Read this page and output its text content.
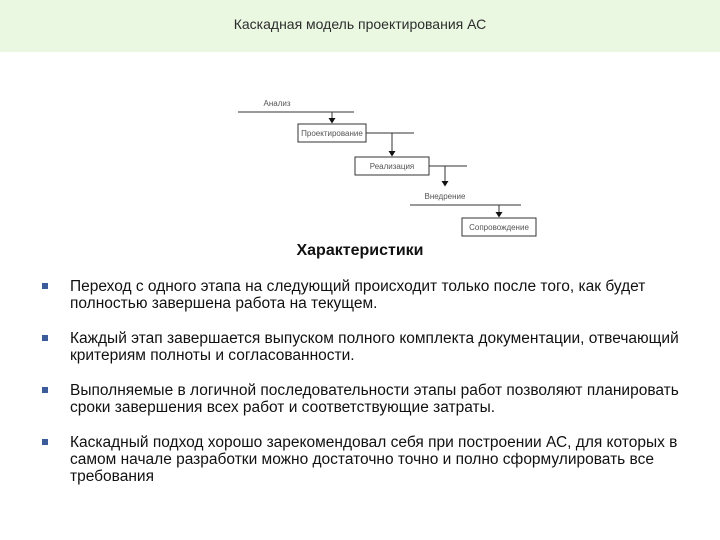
Каскадная модель проектирования АС
Анализ
Проектирование
Реализация
Внедрение
Сопровождение
Характеристики
Переход с одного этапа на следующий происходит только после того, как будет полностью завершена работа на текущем.
Каждый этап завершается выпуском полного комплекта документации, отвечающий критериям полноты и согласованности.
Выполняемые в логичной последовательности этапы работ позволяют планировать сроки завершения всех работ и соответствующие затраты.
Каскадный подход хорошо зарекомендовал себя при построении АС, для которых в самом начале разработки можно достаточно точно и полно сформулировать все требования
